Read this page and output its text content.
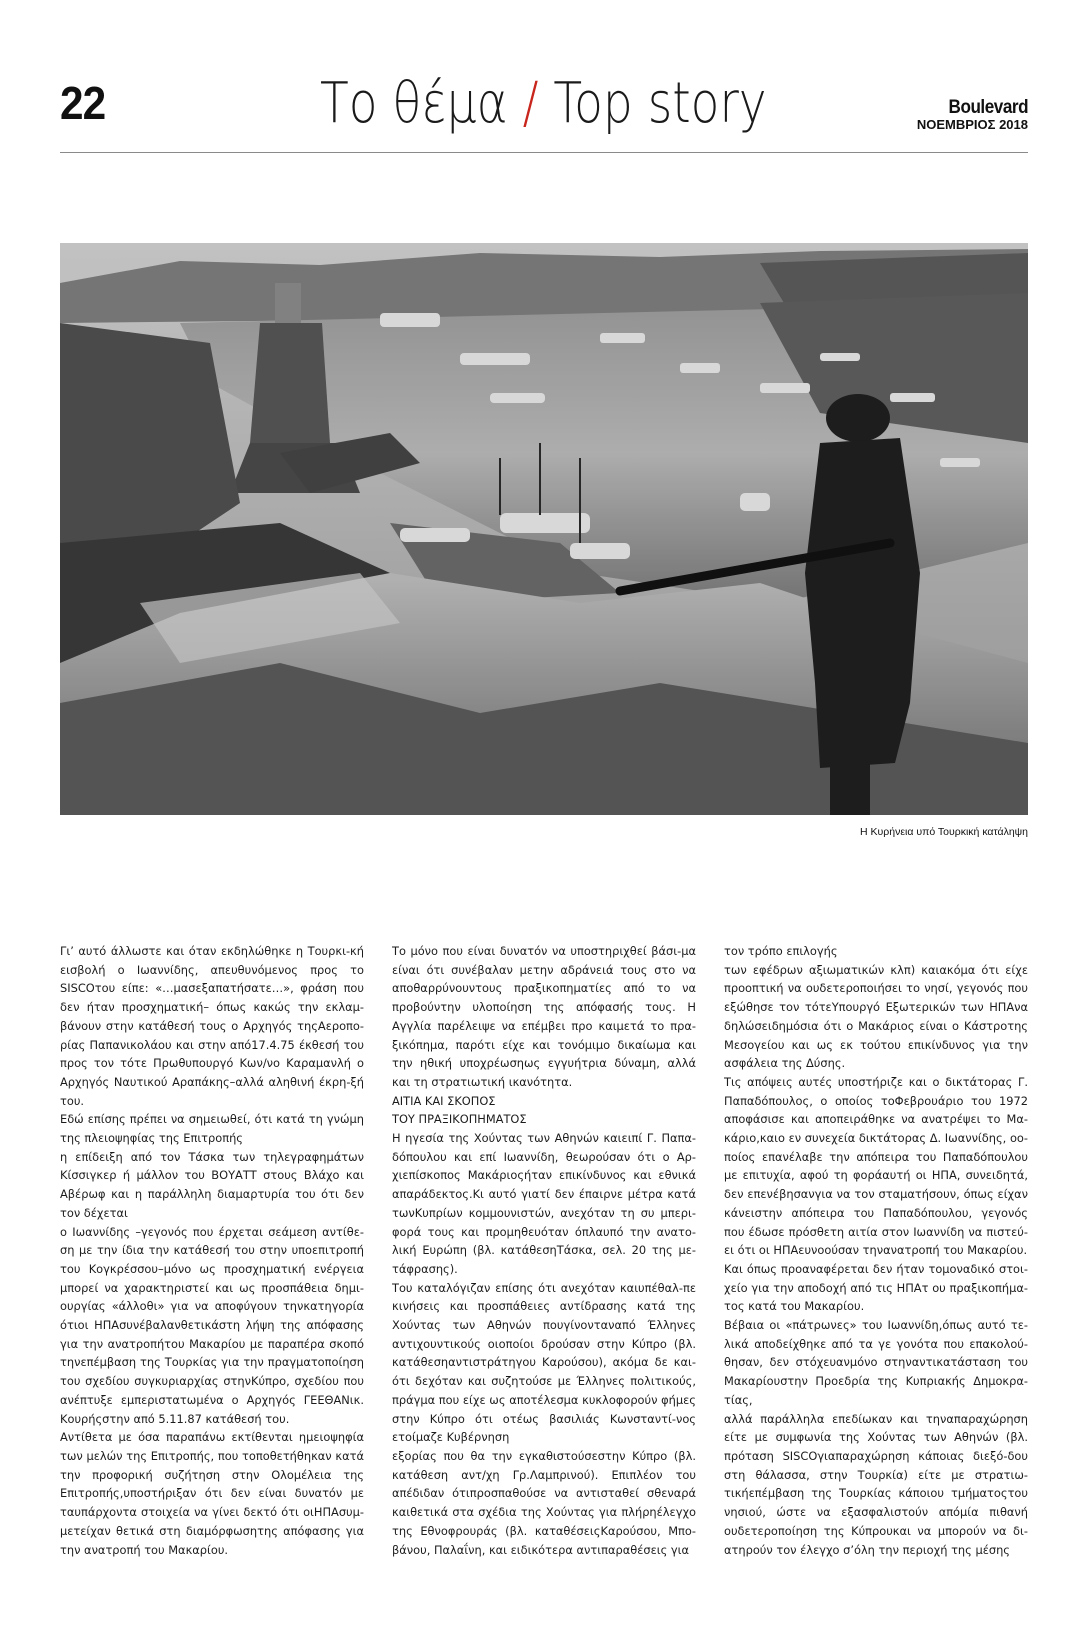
22	Το θέμα / Top story	Boulevard
ΝΟΕΜΒΡΙΟΣ 2018
Η Κυρήνεια υπό Τουρκική κατάληψη

Γι’ αυτό άλλωστε και όταν εκδηλώθηκε η Τουρκι-κή εισβολή ο Ιωαννίδης, απευθυνόμενος προς το SISCOτου είπε: «…μασεξαπατήσατε…», φράση που δεν ήταν προσχηματική– όπως κακώς την εκλαμ-βάνουν στην κατάθεσή τους ο Αρχηγός τηςΑεροπο-ρίας Παπανικολάου και στην από17.4.75 έκθεσή του προς τον τότε Πρωθυπουργό Κων/νο Καραμανλή ο Αρχηγός Ναυτικού Αραπάκης–αλλά αληθινή έκρη-ξή του.

Εδώ επίσης πρέπει να σημειωθεί, ότι κατά τη γνώμη της πλειοψηφίας της Επιτροπής

η επίδειξη από τον Τάσκα των τηλεγραφημάτων Κίσσιγκερ ή μάλλον του ΒΟΥΑΤΤ στους Βλάχο και Αβέρωφ και η παράλληλη διαμαρτυρία του ότι δεν τον δέχεται

ο Ιωαννίδης –γεγονός που έρχεται σεάμεση αντίθε-ση με την ίδια την κατάθεσή του στην υποεπιτροπή του Κογκρέσσου–μόνο ως προσχηματική ενέργεια μπορεί να χαρακτηριστεί και ως προσπάθεια δημι-ουργίας «άλλοθι» για να αποφύγουν τηνκατηγορία ότιοι ΗΠΑσυνέβαλανθετικάστη λήψη της απόφασης για την ανατροπήτου Μακαρίου με παραπέρα σκοπό τηνεπέμβαση της Τουρκίας για την πραγματοποίηση του σχεδίου συγκυριαρχίας στηνΚύπρο, σχεδίου που ανέπτυξε εμπεριστατωμένα ο Αρχηγός ΓΕΕΘΑΝικ. Κουρήςστην από 5.11.87 κατάθεσή του.

Αντίθετα με όσα παραπάνω εκτίθενται ημειοψηφία των μελών της Επιτροπής, που τοποθετήθηκαν κατά την προφορική συζήτηση στην Ολομέλεια της Επιτροπής,υποστήριξαν ότι δεν είναι δυνατόν με ταυπάρχοντα στοιχεία να γίνει δεκτό ότι οιΗΠΑσυμ-μετείχαν θετικά στη διαμόρφωσητης απόφασης για την ανατροπή του Μακαρίου.

Το μόνο που είναι δυνατόν να υποστηριχθεί βάσι-μα είναι ότι συνέβαλαν μετην αδράνειά τους στο να αποθαρρύνουντους πραξικοπηματίες από το να προβούντην υλοποίηση της απόφασής τους. Η Αγγλία παρέλειψε να επέμβει προ καιμετά το πρα-ξικόπημα, παρότι είχε και τονόμιμο δικαίωμα και την ηθική υποχρέωσηως εγγυήτρια δύναμη, αλλά και τη στρατιωτική ικανότητα.

ΑΙΤΙΑ ΚΑΙ ΣΚΟΠΟΣ

ΤΟΥ ΠΡΑΞΙΚΟΠΗΜΑΤΟΣ

Η ηγεσία της Χούντας των Αθηνών καιειπί Γ. Παπα-δόπουλου και επί Ιωαννίδη, θεωρούσαν ότι ο Αρ-χιεπίσκοπος Μακάριοςήταν επικίνδυνος και εθνικά απαράδεκτος.Κι αυτό γιατί δεν έπαιρνε μέτρα κατά τωνΚυπρίων κομμουνιστών, ανεχόταν τη συ μπερι-φορά τους και προμηθευόταν όπλαυπό την ανατο-λική Ευρώπη (βλ. κατάθεσηΤάσκα, σελ. 20 της με-τάφρασης).

Του καταλόγιζαν επίσης ότι ανεχόταν καιυπέθαλ-πε κινήσεις και προσπάθειες αντίδρασης κατά της Χούντας των Αθηνών πουγίνονταναπό Έλληνες αντιχουντικούς οιοποίοι δρούσαν στην Κύπρο (βλ. κατάθεσηαντιστράτηγου Καρούσου), ακόμα δε και-ότι δεχόταν και συζητούσε με Έλληνες πολιτικούς, πράγμα που είχε ως αποτέλεσμα κυκλοφορούν φήμες στην Κύπρο ότι οτέως βασιλιάς Κωνσταντί-νος ετοίμαζε Κυβέρνηση

εξορίας που θα την εγκαθιστούσεστην Κύπρο (βλ. κατάθεση αντ/χη Γρ.Λαμπρινού). Επιπλέον του απέδιδαν ότιπροσπαθούσε να αντισταθεί σθεναρά καιθετικά στα σχέδια της Χούντας για πλήρηέλεγχο της Εθνοφρουράς (βλ. καταθέσειςΚαρούσου, Μπο-βάνου, Παλαΐνη, και ειδικότερα αντιπαραθέσεις για

τον τρόπο επιλογής

των εφέδρων αξιωματικών κλπ) καιακόμα ότι είχε προοπτική να ουδετεροποιήσει το νησί, γεγονός που εξώθησε τον τότεΥπουργό Εξωτερικών των ΗΠΑνα δηλώσειδημόσια ότι ο Μακάριος είναι ο Κάστροτης Μεσογείου και ως εκ τούτου επικίνδυνος για την ασφάλεια της Δύσης.

Τις απόψεις αυτές υποστήριζε και ο δικτάτορας Γ. Παπαδόπουλος, ο οποίος τοΦεβρουάριο του 1972 αποφάσισε και αποπειράθηκε να ανατρέψει το Μα-κάριο,καιο εν συνεχεία δικτάτορας Δ. Ιωαννίδης, οο-ποίος επανέλαβε την απόπειρα του Παπαδόπουλου με επιτυχία, αφού τη φοράαυτή οι ΗΠΑ, συνειδητά, δεν επενέβησανγια να τον σταματήσουν, όπως είχαν κάνειστην απόπειρα του Παπαδόπουλου, γεγονός που έδωσε πρόσθετη αιτία στον Ιωαννίδη να πιστεύ-ει ότι οι ΗΠΑευνοούσαν τηνανατροπή του Μακαρίου.

Και όπως προαναφέρεται δεν ήταν τομοναδικό στοι-χείο για την αποδοχή από τις ΗΠΑτ ου πραξικοπήμα-τος κατά του Μακαρίου.

Βέβαια οι «πάτρωνες» του Ιωαννίδη,όπως αυτό τε-λικά αποδείχθηκε από τα γε γονότα που επακολού-θησαν, δεν στόχευανμόνο στηναντικατάσταση του Μακαρίουστην Προεδρία της Κυπριακής Δημοκρα-τίας,

αλλά παράλληλα επεδίωκαν και τηναπαραχώρηση είτε με συμφωνία της Χούντας των Αθηνών (βλ. πρόταση SISCOγιαπαραχώρηση κάποιας διεξό-δου στη θάλασσα, στην Τουρκία) είτε με στρατιω-τικήεπέμβαση της Τουρκίας κάποιου τμήματοςτου νησιού, ώστε να εξασφαλιστούν απόμία πιθανή ουδετεροποίηση της Κύπρουκαι να μπορούν να δι-ατηρούν τον έλεγχο σ’όλη την περιοχή της μέσης
